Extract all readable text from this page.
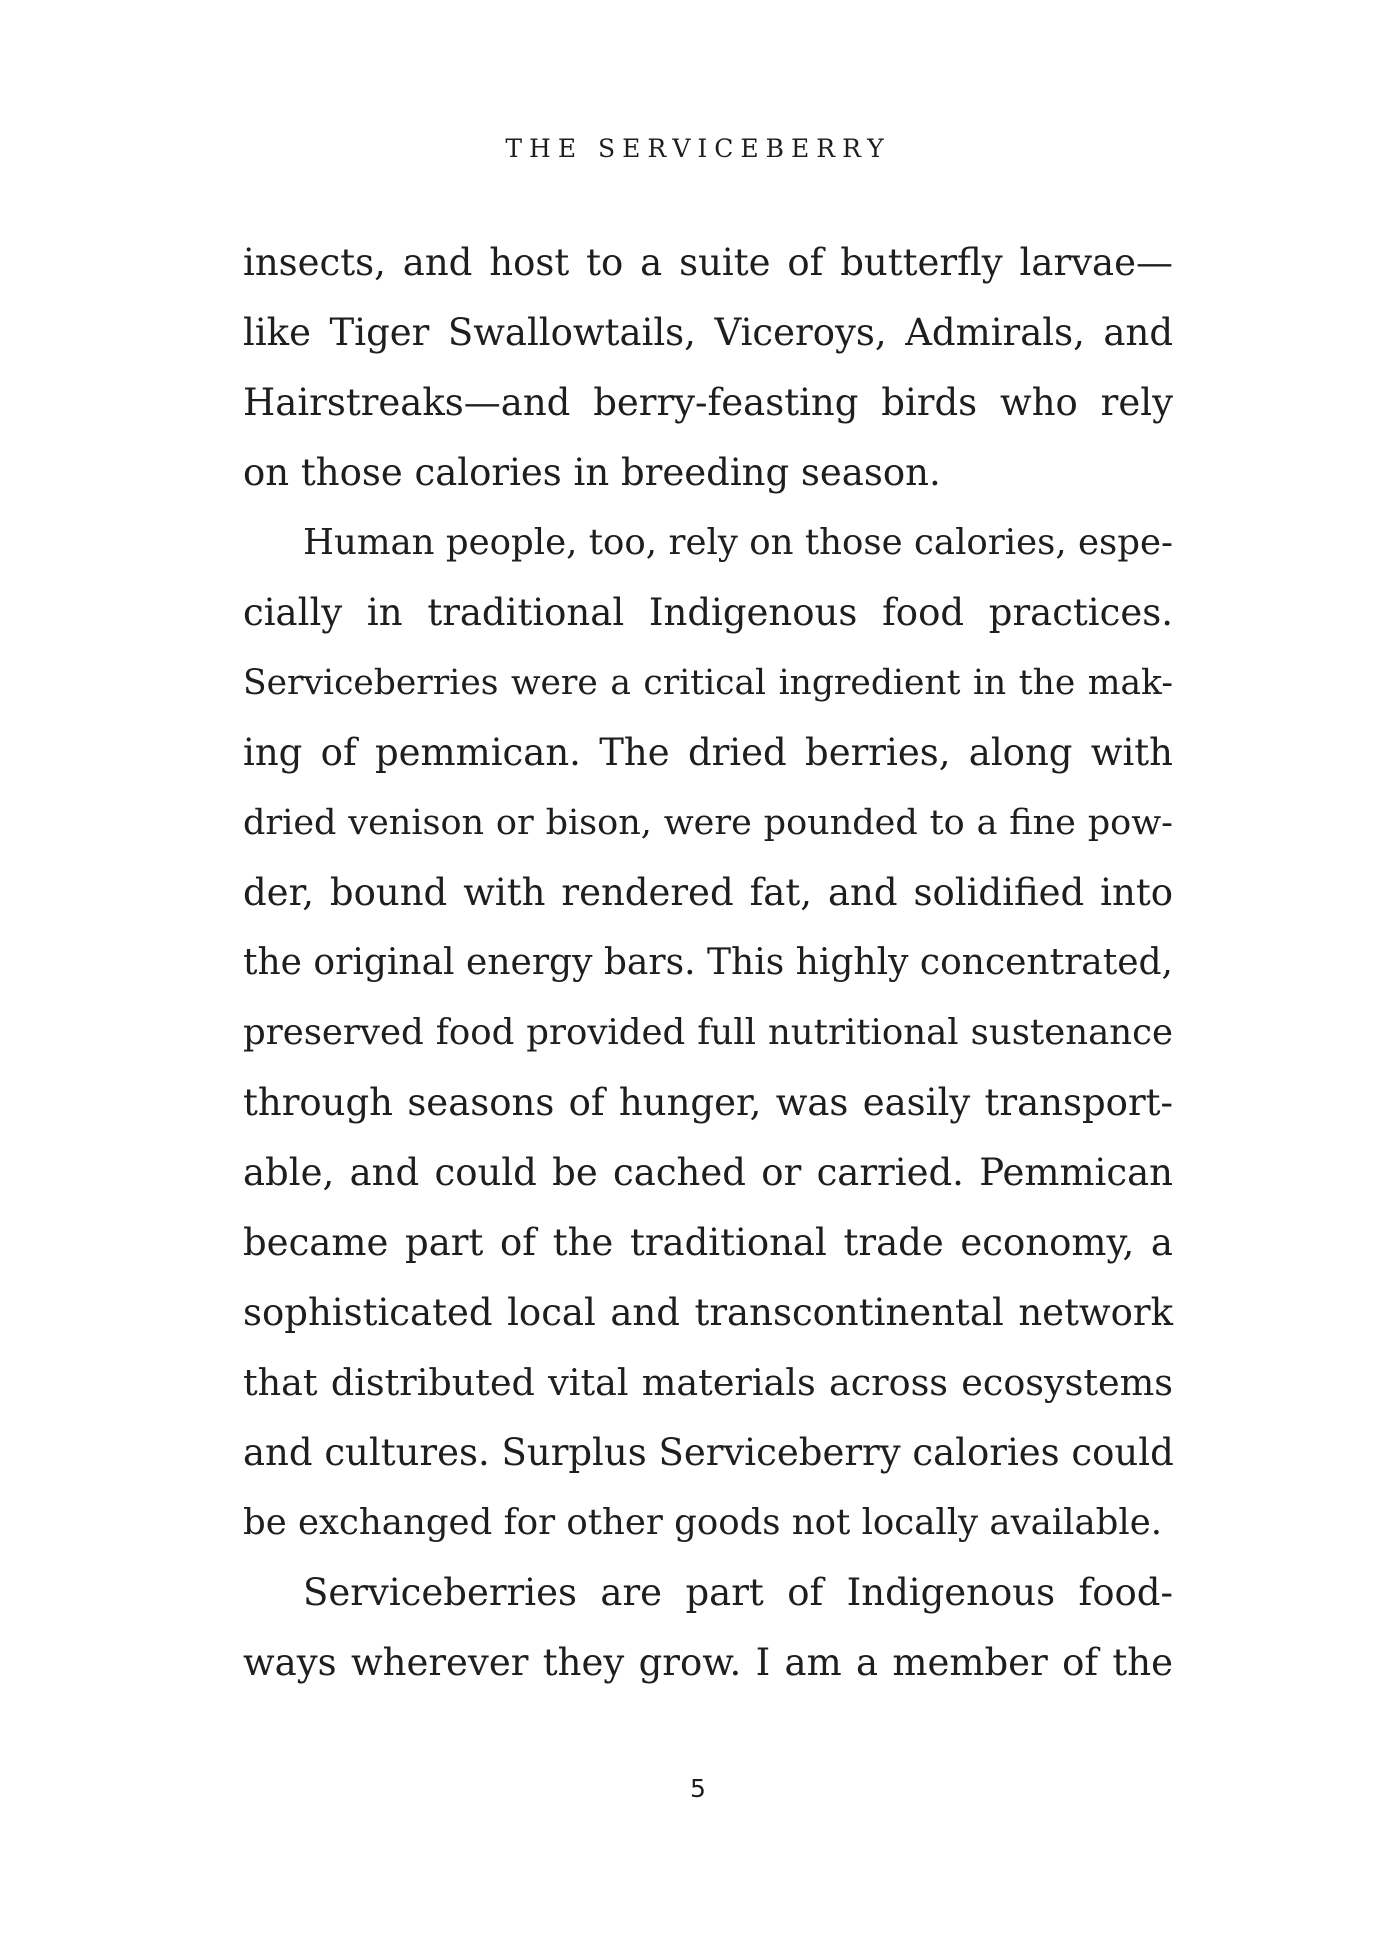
THE SERVICEBERRY
insects, and host to a suite of butterfly larvae—
like Tiger Swallowtails, Viceroys, Admirals, and
Hairstreaks—and berry-feasting birds who rely
on those calories in breeding season.
Human people, too, rely on those calories, espe-
cially in traditional Indigenous food practices.
Serviceberries were a critical ingredient in the mak-
ing of pemmican. The dried berries, along with
dried venison or bison, were pounded to a fine pow-
der, bound with rendered fat, and solidified into
the original energy bars. This highly concentrated,
preserved food provided full nutritional sustenance
through seasons of hunger, was easily transport-
able, and could be cached or carried. Pemmican
became part of the traditional trade economy, a
sophisticated local and transcontinental network
that distributed vital materials across ecosystems
and cultures. Surplus Serviceberry calories could
be exchanged for other goods not locally available.
Serviceberries are part of Indigenous food-
ways wherever they grow. I am a member of the
5
